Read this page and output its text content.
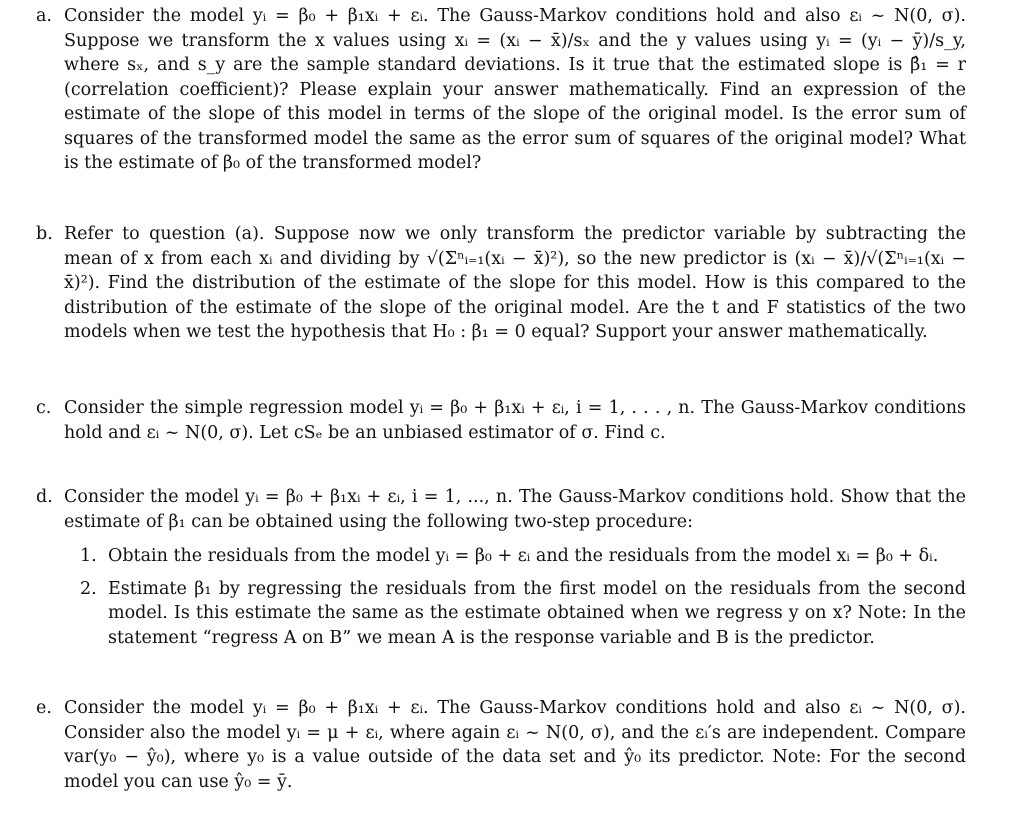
a. Consider the model yᵢ = β₀ + β₁xᵢ + εᵢ. The Gauss-Markov conditions hold and also εᵢ ~ N(0, σ). Suppose we transform the x values using xᵢ = (xᵢ − x̄)/sₓ and the y values using yᵢ = (yᵢ − ȳ)/s_y, where sₓ, and s_y are the sample standard deviations. Is it true that the estimated slope is β̂₁ = r (correlation coefficient)? Please explain your answer mathematically. Find an expression of the estimate of the slope of this model in terms of the slope of the original model. Is the error sum of squares of the transformed model the same as the error sum of squares of the original model? What is the estimate of β₀ of the transformed model?
b. Refer to question (a). Suppose now we only transform the predictor variable by subtracting the mean of x from each xᵢ and dividing by √(Σⁿᵢ₌₁(xᵢ − x̄)²), so the new predictor is (xᵢ − x̄)/√(Σⁿᵢ₌₁(xᵢ − x̄)²). Find the distribution of the estimate of the slope for this model. How is this compared to the distribution of the estimate of the slope of the original model. Are the t and F statistics of the two models when we test the hypothesis that H₀ : β₁ = 0 equal? Support your answer mathematically.
c. Consider the simple regression model yᵢ = β₀ + β₁xᵢ + εᵢ, i = 1, . . . , n. The Gauss-Markov conditions hold and εᵢ ~ N(0, σ). Let cSₑ be an unbiased estimator of σ. Find c.
d. Consider the model yᵢ = β₀ + β₁xᵢ + εᵢ, i = 1, ..., n. The Gauss-Markov conditions hold. Show that the estimate of β₁ can be obtained using the following two-step procedure:
1. Obtain the residuals from the model yᵢ = β₀ + εᵢ and the residuals from the model xᵢ = β₀ + δᵢ.
2. Estimate β₁ by regressing the residuals from the first model on the residuals from the second model. Is this estimate the same as the estimate obtained when we regress y on x? Note: In the statement “regress A on B” we mean A is the response variable and B is the predictor.
e. Consider the model yᵢ = β₀ + β₁xᵢ + εᵢ. The Gauss-Markov conditions hold and also εᵢ ~ N(0, σ). Consider also the model yᵢ = μ + εᵢ, where again εᵢ ~ N(0, σ), and the εᵢ′s are independent. Compare var(y₀ − ŷ₀), where y₀ is a value outside of the data set and ŷ₀ its predictor. Note: For the second model you can use ŷ₀ = ȳ.
